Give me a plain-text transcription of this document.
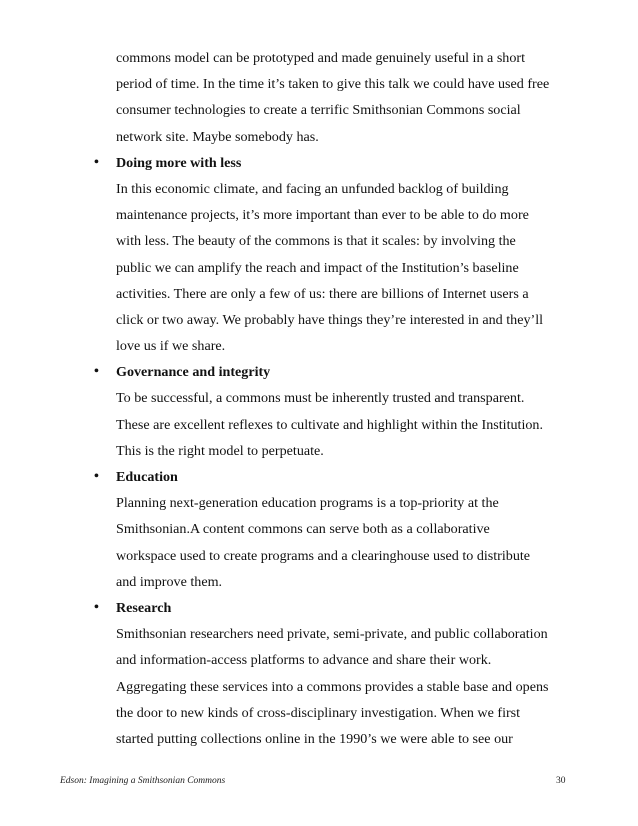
commons model can be prototyped and made genuinely useful in a short
period of time. In the time it’s taken to give this talk we could have used free
consumer technologies to create a terrific Smithsonian Commons social
network site. Maybe somebody has.
• Doing more with less
In this economic climate, and facing an unfunded backlog of building
maintenance projects, it’s more important than ever to be able to do more
with less. The beauty of the commons is that it scales: by involving the
public we can amplify the reach and impact of the Institution’s baseline
activities. There are only a few of us: there are billions of Internet users a
click or two away. We probably have things they’re interested in and they’ll
love us if we share.
• Governance and integrity
To be successful, a commons must be inherently trusted and transparent.
These are excellent reflexes to cultivate and highlight within the Institution.
This is the right model to perpetuate.
• Education
Planning next-generation education programs is a top-priority at the
Smithsonian.A content commons can serve both as a collaborative
workspace used to create programs and a clearinghouse used to distribute
and improve them.
• Research
Smithsonian researchers need private, semi-private, and public collaboration
and information-access platforms to advance and share their work.
Aggregating these services into a commons provides a stable base and opens
the door to new kinds of cross-disciplinary investigation. When we first
started putting collections online in the 1990’s we were able to see our
Edson: Imagining a Smithsonian Commons	30
